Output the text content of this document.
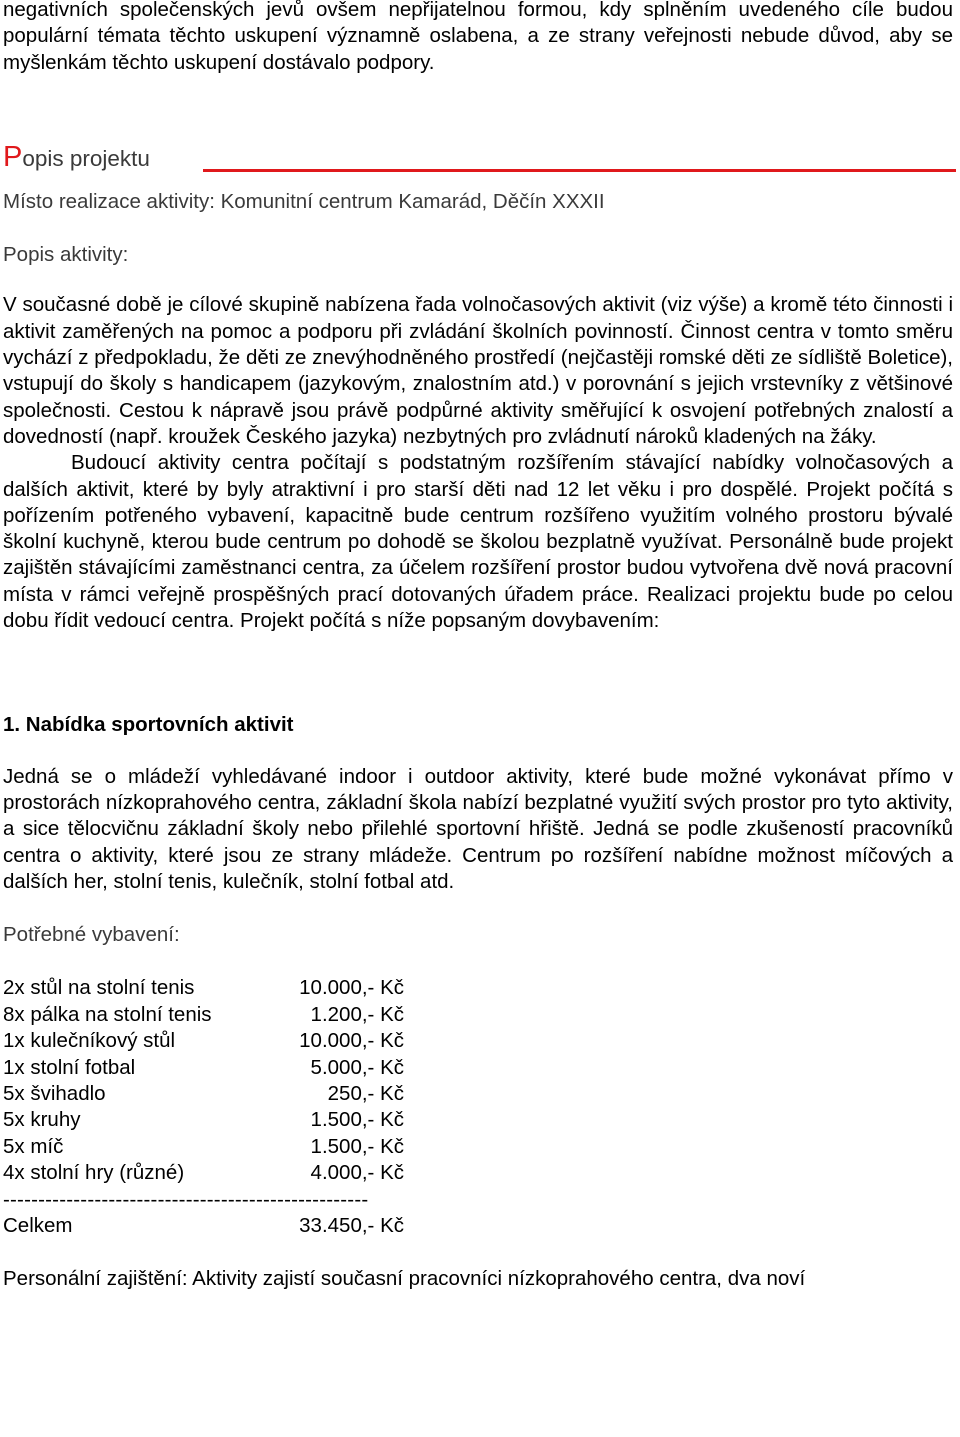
negativních společenských jevů ovšem nepřijatelnou formou, kdy splněním uvedeného cíle budou populární témata těchto uskupení významně oslabena, a ze strany veřejnosti nebude důvod, aby se myšlenkám těchto uskupení dostávalo podpory.

Popis projektu

Místo realizace aktivity: Komunitní centrum Kamarád, Děčín XXXII

Popis aktivity:

V současné době je cílové skupině nabízena řada volnočasových aktivit (viz výše) a kromě této činnosti i aktivit zaměřených na pomoc a podporu při zvládání školních povinností. Činnost centra v tomto směru vychází z předpokladu, že děti ze znevýhodněného prostředí (nejčastěji romské děti ze sídliště Boletice), vstupují do školy s handicapem (jazykovým, znalostním atd.) v porovnání s jejich vrstevníky z většinové společnosti. Cestou k nápravě jsou právě podpůrné aktivity směřující k osvojení potřebných znalostí a dovedností (např. kroužek Českého jazyka) nezbytných pro zvládnutí nároků kladených na žáky.

Budoucí aktivity centra počítají s podstatným rozšířením stávající nabídky volnočasových a dalších aktivit, které by byly atraktivní i pro starší děti nad 12 let věku i pro dospělé. Projekt počítá s pořízením potřeného vybavení, kapacitně bude centrum rozšířeno využitím volného prostoru bývalé školní kuchyně, kterou bude centrum po dohodě se školou bezplatně využívat. Personálně bude projekt zajištěn stávajícími zaměstnanci centra, za účelem rozšíření prostor budou vytvořena dvě nová pracovní místa v rámci veřejně prospěšných prací dotovaných úřadem práce. Realizaci projektu bude po celou dobu řídit vedoucí centra. Projekt počítá s níže popsaným dovybavením:

1. Nabídka sportovních aktivit

Jedná se o mládeží vyhledávané indoor i outdoor aktivity, které bude možné vykonávat přímo v prostorách nízkoprahového centra, základní škola nabízí bezplatné využití svých prostor pro tyto aktivity, a sice tělocvičnu základní školy nebo přilehlé sportovní hřiště. Jedná se podle zkušeností pracovníků centra o aktivity, které jsou ze strany mládeže. Centrum po rozšíření nabídne možnost míčových a dalších her, stolní tenis, kulečník, stolní fotbal atd.

Potřebné vybavení:

2x stůl na stolní tenis	10.000,- Kč
8x pálka na stolní tenis	1.200,- Kč
1x kulečníkový stůl	10.000,- Kč
1x stolní fotbal	5.000,- Kč
5x švihadlo	250,- Kč
5x kruhy	1.500,- Kč
5x míč	1.500,- Kč
4x stolní hry (různé)	4.000,- Kč
----------------------------------------------------
Celkem	33.450,- Kč

Personální zajištění: Aktivity zajistí současní pracovníci nízkoprahového centra, dva noví
